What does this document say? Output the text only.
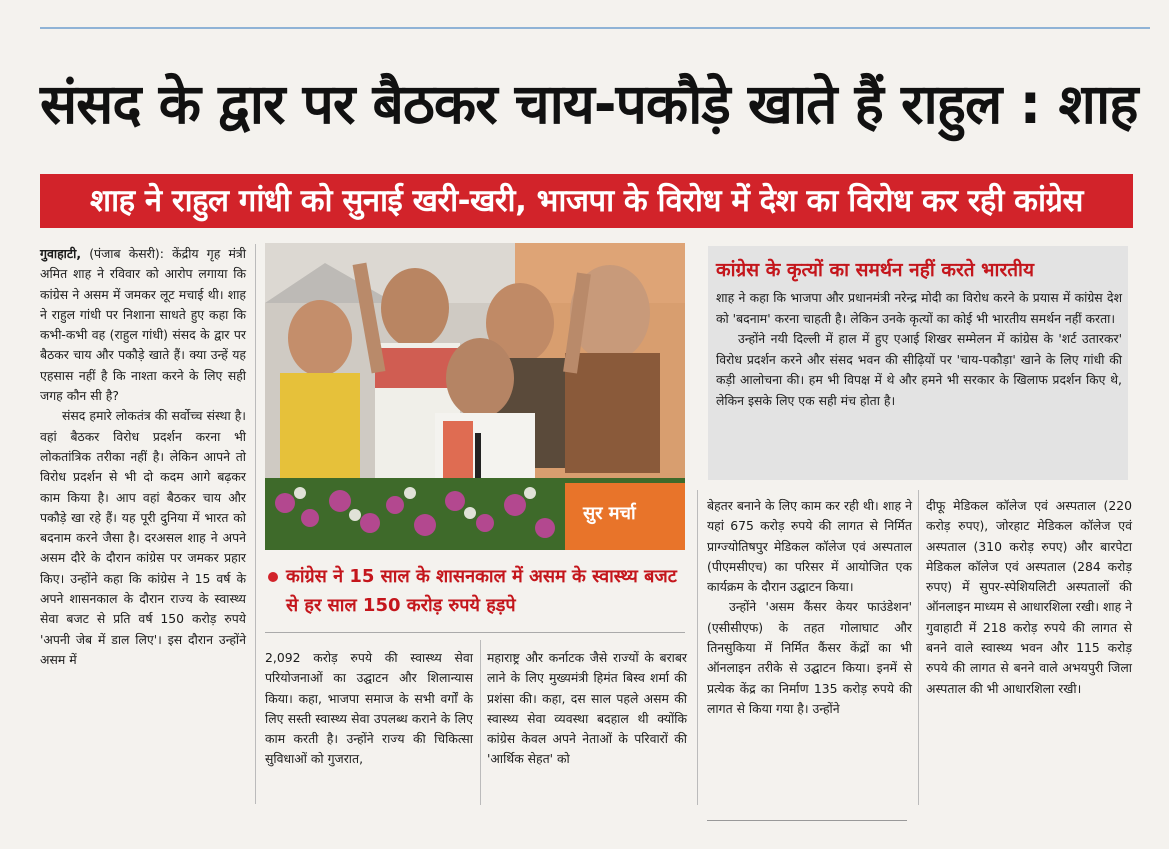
संसद के द्वार पर बैठकर चाय-पकौड़े खाते हैं राहुल : शाह
शाह ने राहुल गांधी को सुनाई खरी-खरी, भाजपा के विरोध में देश का विरोध कर रही कांग्रेस

गुवाहाटी, (पंजाब केसरी): केंद्रीय गृह मंत्री अमित शाह ने रविवार को आरोप लगाया कि कांग्रेस ने असम में जमकर लूट मचाई थी। शाह ने राहुल गांधी पर निशाना साधते हुए कहा कि कभी-कभी वह (राहुल गांधी) संसद के द्वार पर बैठकर चाय और पकौड़े खाते हैं। क्या उन्हें यह एहसास नहीं है कि नाश्ता करने के लिए सही जगह कौन सी है?

संसद हमारे लोकतंत्र की सर्वोच्च संस्था है। वहां बैठकर विरोध प्रदर्शन करना भी लोकतांत्रिक तरीका नहीं है। लेकिन आपने तो विरोध प्रदर्शन से भी दो कदम आगे बढ़कर काम किया है। आप वहां बैठकर चाय और पकौड़े खा रहे हैं। यह पूरी दुनिया में भारत को बदनाम करने जैसा है। दरअसल शाह ने अपने असम दौरे के दौरान कांग्रेस पर जमकर प्रहार किए। उन्होंने कहा कि कांग्रेस ने 15 वर्ष के अपने शासनकाल के दौरान राज्य के स्वास्थ्य सेवा बजट से प्रति वर्ष 150 करोड़ रुपये 'अपनी जेब में डाल लिए'। इस दौरान उन्होंने असम में

सुर मर्चा
कांग्रेस ने 15 साल के शासनकाल में असम के स्वास्थ्य बजट से हर साल 150 करोड़ रुपये हड़पे

2,092 करोड़ रुपये की स्वास्थ्य सेवा परियोजनाओं का उद्घाटन और शिलान्यास किया। कहा, भाजपा समाज के सभी वर्गों के लिए सस्ती स्वास्थ्य सेवा उपलब्ध कराने के लिए काम करती है। उन्होंने राज्य की चिकित्सा सुविधाओं को गुजरात,

महाराष्ट्र और कर्नाटक जैसे राज्यों के बराबर लाने के लिए मुख्यमंत्री हिमंत बिस्व शर्मा की प्रशंसा की। कहा, दस साल पहले असम की स्वास्थ्य सेवा व्यवस्था बदहाल थी क्योंकि कांग्रेस केवल अपने नेताओं के परिवारों की 'आर्थिक सेहत' को

कांग्रेस के कृत्यों का समर्थन नहीं करते भारतीय

शाह ने कहा कि भाजपा और प्रधानमंत्री नरेन्द्र मोदी का विरोध करने के प्रयास में कांग्रेस देश को 'बदनाम' करना चाहती है। लेकिन उनके कृत्यों का कोई भी भारतीय समर्थन नहीं करता।

उन्होंने नयी दिल्ली में हाल में हुए एआई शिखर सम्मेलन में कांग्रेस के 'शर्ट उतारकर' विरोध प्रदर्शन करने और संसद भवन की सीढ़ियों पर 'चाय-पकौड़ा' खाने के लिए गांधी की कड़ी आलोचना की। हम भी विपक्ष में थे और हमने भी सरकार के खिलाफ प्रदर्शन किए थे, लेकिन इसके लिए एक सही मंच होता है।

बेहतर बनाने के लिए काम कर रही थी। शाह ने यहां 675 करोड़ रुपये की लागत से निर्मित प्राग्ज्योतिषपुर मेडिकल कॉलेज एवं अस्पताल (पीएमसीएच) का परिसर में आयोजित एक कार्यक्रम के दौरान उद्घाटन किया।

उन्होंने 'असम कैंसर केयर फाउंडेशन' (एसीसीएफ) के तहत गोलाघाट और तिनसुकिया में निर्मित कैंसर केंद्रों का भी ऑनलाइन तरीके से उद्घाटन किया। इनमें से प्रत्येक केंद्र का निर्माण 135 करोड़ रुपये की लागत से किया गया है। उन्होंने

दीफू मेडिकल कॉलेज एवं अस्पताल (220 करोड़ रुपए), जोरहाट मेडिकल कॉलेज एवं अस्पताल (310 करोड़ रुपए) और बारपेटा मेडिकल कॉलेज एवं अस्पताल (284 करोड़ रुपए) में सुपर-स्पेशियलिटी अस्पतालों की ऑनलाइन माध्यम से आधारशिला रखी। शाह ने गुवाहाटी में 218 करोड़ रुपये की लागत से बनने वाले स्वास्थ्य भवन और 115 करोड़ रुपये की लागत से बनने वाले अभयपुरी जिला अस्पताल की भी आधारशिला रखी।
